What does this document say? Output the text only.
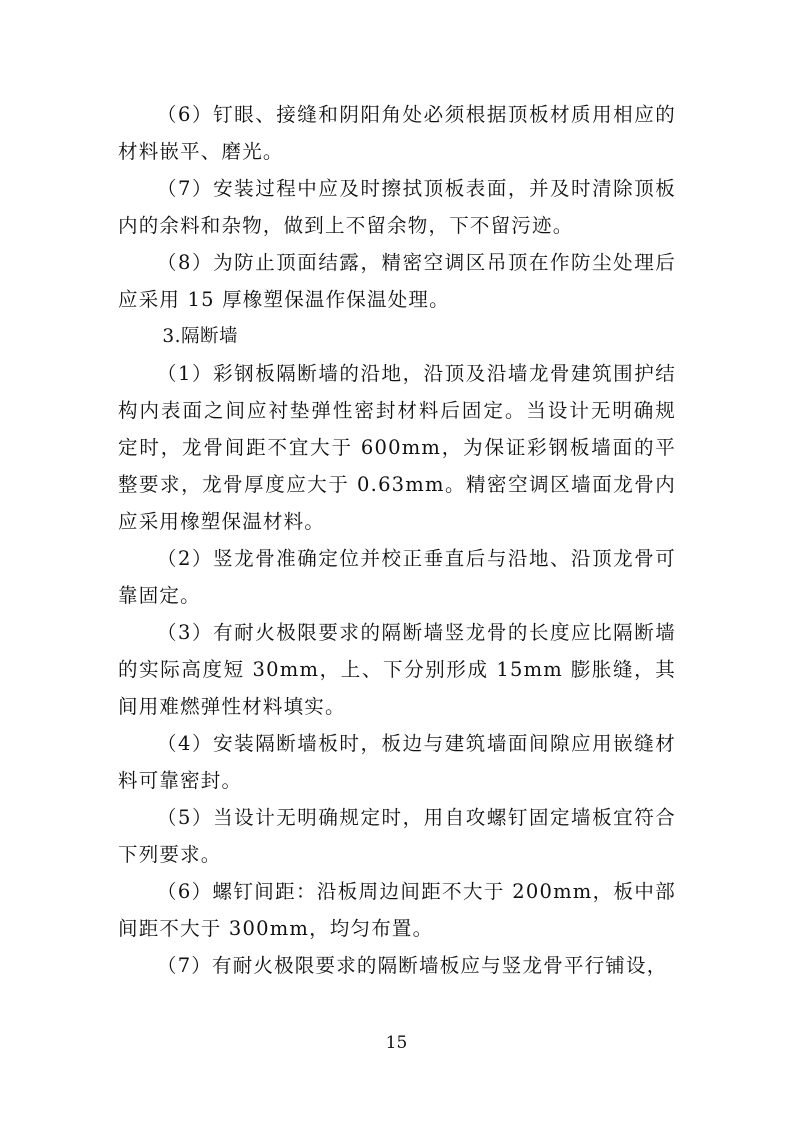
（6）钉眼、接缝和阴阳角处必须根据顶板材质用相应的材料嵌平、磨光。

（7）安装过程中应及时擦拭顶板表面，并及时清除顶板内的余料和杂物，做到上不留余物，下不留污迹。

（8）为防止顶面结露，精密空调区吊顶在作防尘处理后应采用 15 厚橡塑保温作保温处理。

3.隔断墙

（1）彩钢板隔断墙的沿地，沿顶及沿墙龙骨建筑围护结构内表面之间应衬垫弹性密封材料后固定。当设计无明确规定时，龙骨间距不宜大于 600mm，为保证彩钢板墙面的平整要求，龙骨厚度应大于 0.63mm。精密空调区墙面龙骨内应采用橡塑保温材料。

（2）竖龙骨准确定位并校正垂直后与沿地、沿顶龙骨可靠固定。

（3）有耐火极限要求的隔断墙竖龙骨的长度应比隔断墙的实际高度短 30mm，上、下分别形成 15mm 膨胀缝，其间用难燃弹性材料填实。

（4）安装隔断墙板时，板边与建筑墙面间隙应用嵌缝材料可靠密封。

（5）当设计无明确规定时，用自攻螺钉固定墙板宜符合下列要求。

（6）螺钉间距：沿板周边间距不大于 200mm，板中部间距不大于 300mm，均匀布置。

（7）有耐火极限要求的隔断墙板应与竖龙骨平行铺设，

15
